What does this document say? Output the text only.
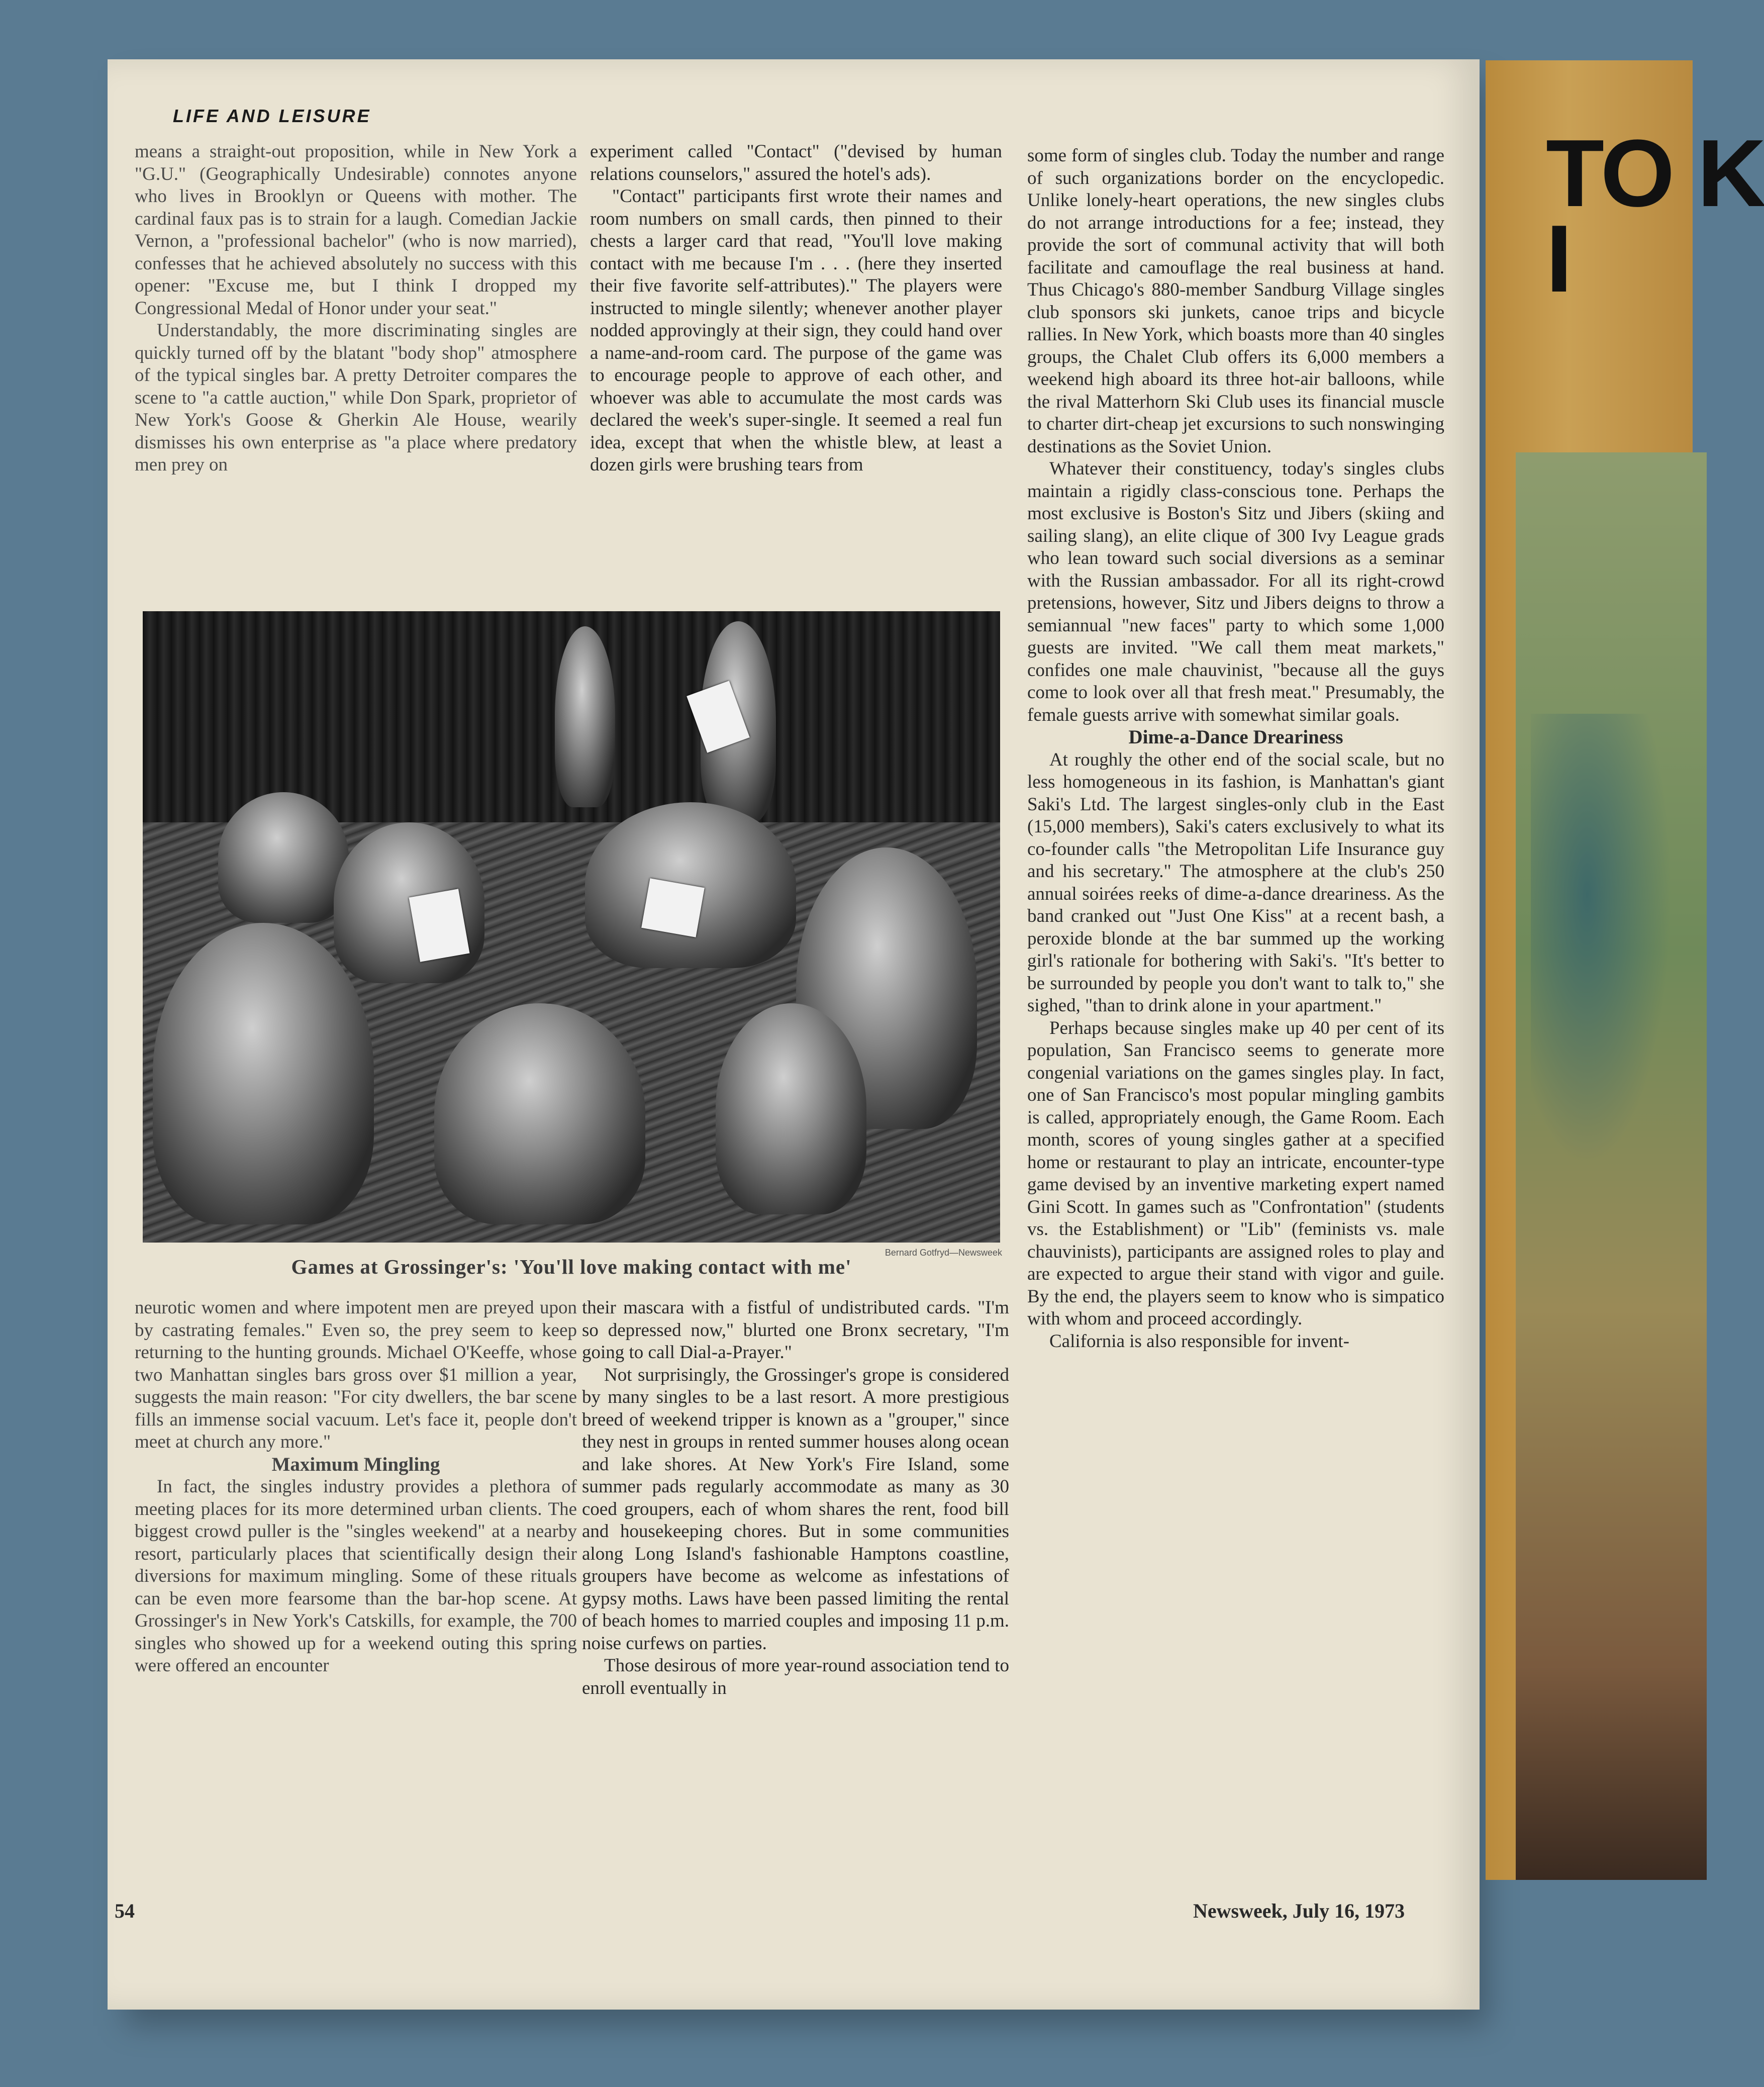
LIFE AND LEISURE

means a straight-out proposition, while in New York a "G.U." (Geographically Undesirable) connotes anyone who lives in Brooklyn or Queens with mother. The cardinal faux pas is to strain for a laugh. Comedian Jackie Vernon, a "professional bachelor" (who is now married), confesses that he achieved absolutely no success with this opener: "Excuse me, but I think I dropped my Congressional Medal of Honor under your seat."

Understandably, the more discriminating singles are quickly turned off by the blatant "body shop" atmosphere of the typical singles bar. A pretty Detroiter compares the scene to "a cattle auction," while Don Spark, proprietor of New York's Goose & Gherkin Ale House, wearily dismisses his own enterprise as "a place where predatory men prey on

experiment called "Contact" ("devised by human relations counselors," assured the hotel's ads).

"Contact" participants first wrote their names and room numbers on small cards, then pinned to their chests a larger card that read, "You'll love making contact with me because I'm . . . (here they inserted their five favorite self-attributes)." The players were instructed to mingle silently; whenever another player nodded approvingly at their sign, they could hand over a name-and-room card. The purpose of the game was to encourage people to approve of each other, and whoever was able to accumulate the most cards was declared the week's super-single. It seemed a real fun idea, except that when the whistle blew, at least a dozen girls were brushing tears from

some form of singles club. Today the number and range of such organizations border on the encyclopedic. Unlike lonely-heart operations, the new singles clubs do not arrange introductions for a fee; instead, they provide the sort of communal activity that will both facilitate and camouflage the real business at hand. Thus Chicago's 880-member Sandburg Village singles club sponsors ski junkets, canoe trips and bicycle rallies. In New York, which boasts more than 40 singles groups, the Chalet Club offers its 6,000 members a weekend high aboard its three hot-air balloons, while the rival Matterhorn Ski Club uses its financial muscle to charter dirt-cheap jet excursions to such nonswinging destinations as the Soviet Union.

Whatever their constituency, today's singles clubs maintain a rigidly class-conscious tone. Perhaps the most exclusive is Boston's Sitz und Jibers (skiing and sailing slang), an elite clique of 300 Ivy League grads who lean toward such social diversions as a seminar with the Russian ambassador. For all its right-crowd pretensions, however, Sitz und Jibers deigns to throw a semiannual "new faces" party to which some 1,000 guests are invited. "We call them meat markets," confides one male chauvinist, "because all the guys come to look over all that fresh meat." Presumably, the female guests arrive with somewhat similar goals.

Dime-a-Dance Dreariness

At roughly the other end of the social scale, but no less homogeneous in its fashion, is Manhattan's giant Saki's Ltd. The largest singles-only club in the East (15,000 members), Saki's caters exclusively to what its co-founder calls "the Metropolitan Life Insurance guy and his secretary." The atmosphere at the club's 250 annual soirées reeks of dime-a-dance dreariness. As the band cranked out "Just One Kiss" at a recent bash, a peroxide blonde at the bar summed up the working girl's rationale for bothering with Saki's. "It's better to be surrounded by people you don't want to talk to," she sighed, "than to drink alone in your apartment."

Perhaps because singles make up 40 per cent of its population, San Francisco seems to generate more congenial variations on the games singles play. In fact, one of San Francisco's most popular mingling gambits is called, appropriately enough, the Game Room. Each month, scores of young singles gather at a specified home or restaurant to play an intricate, encounter-type game devised by an inventive marketing expert named Gini Scott. In games such as "Confrontation" (students vs. the Establishment) or "Lib" (feminists vs. male chauvinists), participants are assigned roles to play and are expected to argue their stand with vigor and guile. By the end, the players seem to know who is simpatico with whom and proceed accordingly.

California is also responsible for invent-

Bernard Gotfryd—Newsweek
Games at Grossinger's: 'You'll love making contact with me'

neurotic women and where impotent men are preyed upon by castrating females." Even so, the prey seem to keep returning to the hunting grounds. Michael O'Keeffe, whose two Manhattan singles bars gross over $1 million a year, suggests the main reason: "For city dwellers, the bar scene fills an immense social vacuum. Let's face it, people don't meet at church any more."

Maximum Mingling

In fact, the singles industry provides a plethora of meeting places for its more determined urban clients. The biggest crowd puller is the "singles weekend" at a nearby resort, particularly places that scientifically design their diversions for maximum mingling. Some of these rituals can be even more fearsome than the bar-hop scene. At Grossinger's in New York's Catskills, for example, the 700 singles who showed up for a weekend outing this spring were offered an encounter

their mascara with a fistful of undistributed cards. "I'm so depressed now," blurted one Bronx secretary, "I'm going to call Dial-a-Prayer."

Not surprisingly, the Grossinger's grope is considered by many singles to be a last resort. A more prestigious breed of weekend tripper is known as a "grouper," since they nest in groups in rented summer houses along ocean and lake shores. At New York's Fire Island, some summer pads regularly accommodate as many as 30 coed groupers, each of whom shares the rent, food bill and housekeeping chores. But in some communities along Long Island's fashionable Hamptons coastline, groupers have become as welcome as infestations of gypsy moths. Laws have been passed limiting the rental of beach homes to married couples and imposing 11 p.m. noise curfews on parties.

Those desirous of more year-round association tend to enroll eventually in

54	Newsweek, July 16, 1973
TO K
I
